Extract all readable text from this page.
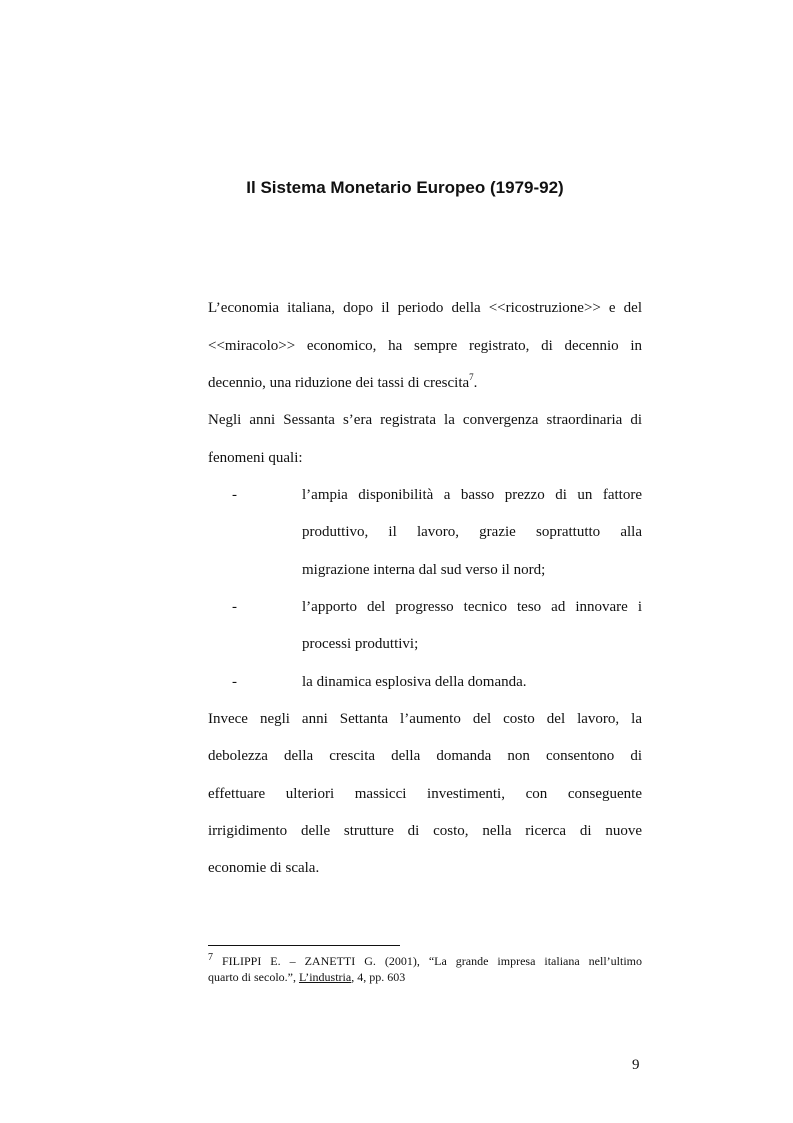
Il Sistema Monetario Europeo (1979-92)
L’economia italiana, dopo il periodo della <<ricostruzione>> e del
<<miracolo>> economico, ha sempre registrato, di decennio in
decennio, una riduzione dei tassi di crescita$^7$.
Negli anni Sessanta s’era registrata la convergenza straordinaria di
fenomeni quali:
-	l’ampia disponibilità a basso prezzo di un fattore
produttivo, il lavoro, grazie soprattutto alla
migrazione interna dal sud verso il nord;
-	l’apporto del progresso tecnico teso ad innovare i
processi produttivi;
-	la dinamica esplosiva della domanda.
Invece negli anni Settanta l’aumento del costo del lavoro, la
debolezza della crescita della domanda non consentono di
effettuare ulteriori massicci investimenti, con conseguente
irrigidimento delle strutture di costo, nella ricerca di nuove
economie di scala.
$^7$ FILIPPI E. – ZANETTI G. (2001), “La grande impresa italiana nell’ultimo
quarto di secolo.”, L’industria, 4, pp. 603
9
